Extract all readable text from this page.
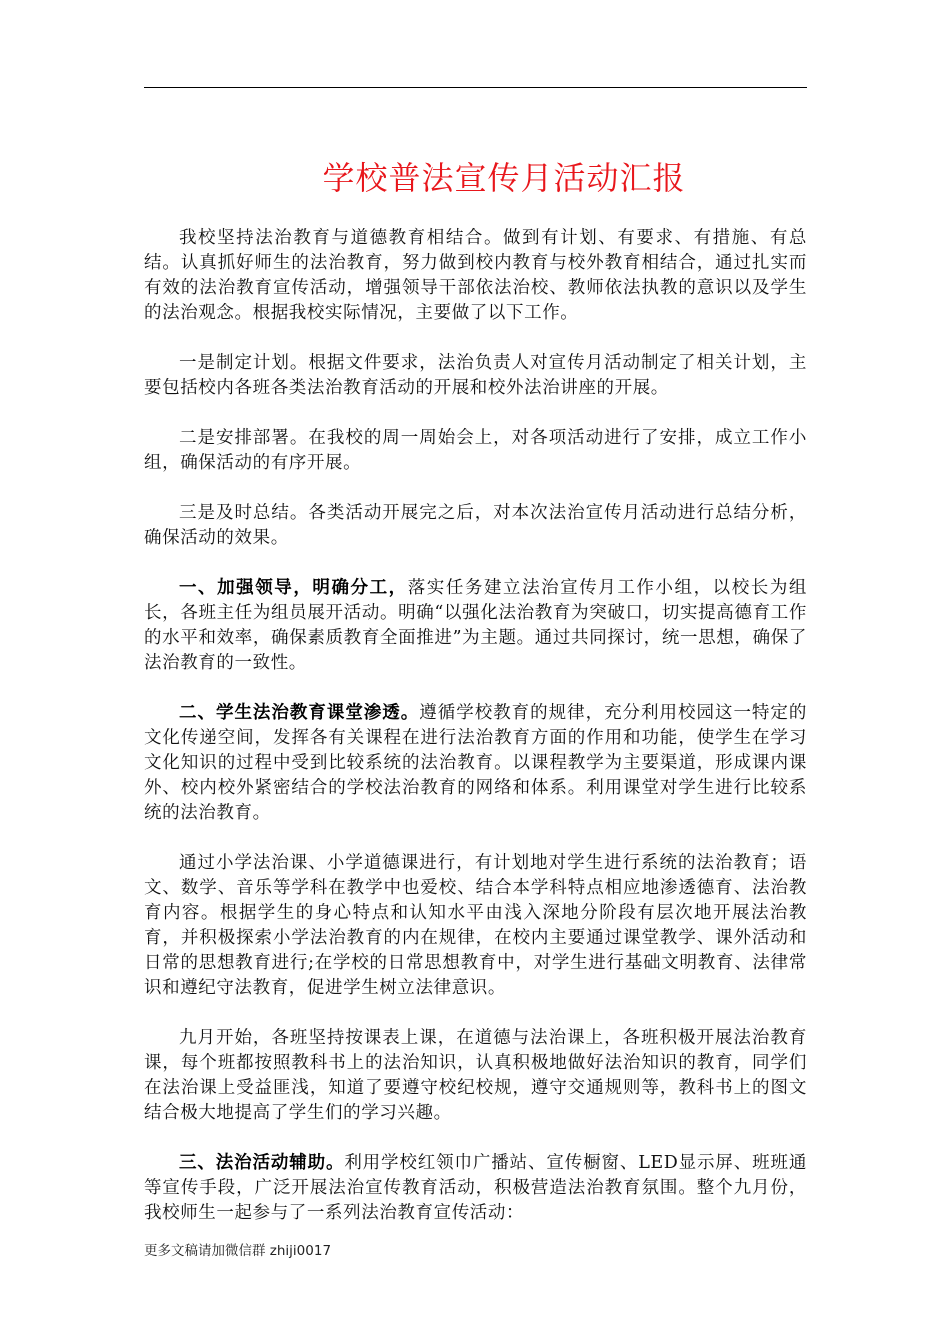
学校普法宣传月活动汇报

我校坚持法治教育与道德教育相结合。做到有计划、有要求、有措施、有总结。认真抓好师生的法治教育，努力做到校内教育与校外教育相结合，通过扎实而有效的法治教育宣传活动，增强领导干部依法治校、教师依法执教的意识以及学生的法治观念。根据我校实际情况，主要做了以下工作。

一是制定计划。根据文件要求，法治负责人对宣传月活动制定了相关计划，主要包括校内各班各类法治教育活动的开展和校外法治讲座的开展。

二是安排部署。在我校的周一周始会上，对各项活动进行了安排，成立工作小组，确保活动的有序开展。

三是及时总结。各类活动开展完之后，对本次法治宣传月活动进行总结分析，确保活动的效果。

一、加强领导，明确分工，落实任务建立法治宣传月工作小组，以校长为组长，各班主任为组员展开活动。明确“以强化法治教育为突破口，切实提高德育工作的水平和效率，确保素质教育全面推进”为主题。通过共同探讨，统一思想，确保了法治教育的一致性。

二、学生法治教育课堂渗透。遵循学校教育的规律，充分利用校园这一特定的文化传递空间，发挥各有关课程在进行法治教育方面的作用和功能，使学生在学习文化知识的过程中受到比较系统的法治教育。以课程教学为主要渠道，形成课内课外、校内校外紧密结合的学校法治教育的网络和体系。利用课堂对学生进行比较系统的法治教育。

通过小学法治课、小学道德课进行，有计划地对学生进行系统的法治教育；语文、数学、音乐等学科在教学中也爱校、结合本学科特点相应地渗透德育、法治教育内容。根据学生的身心特点和认知水平由浅入深地分阶段有层次地开展法治教育，并积极探索小学法治教育的内在规律，在校内主要通过课堂教学、课外活动和日常的思想教育进行;在学校的日常思想教育中，对学生进行基础文明教育、法律常识和遵纪守法教育，促进学生树立法律意识。

九月开始，各班坚持按课表上课，在道德与法治课上，各班积极开展法治教育课，每个班都按照教科书上的法治知识，认真积极地做好法治知识的教育，同学们在法治课上受益匪浅，知道了要遵守校纪校规，遵守交通规则等，教科书上的图文结合极大地提高了学生们的学习兴趣。

三、法治活动辅助。利用学校红领巾广播站、宣传橱窗、LED显示屏、班班通等宣传手段，广泛开展法治宣传教育活动，积极营造法治教育氛围。整个九月份，我校师生一起参与了一系列法治教育宣传活动：

更多文稿请加微信群 zhiji0017
